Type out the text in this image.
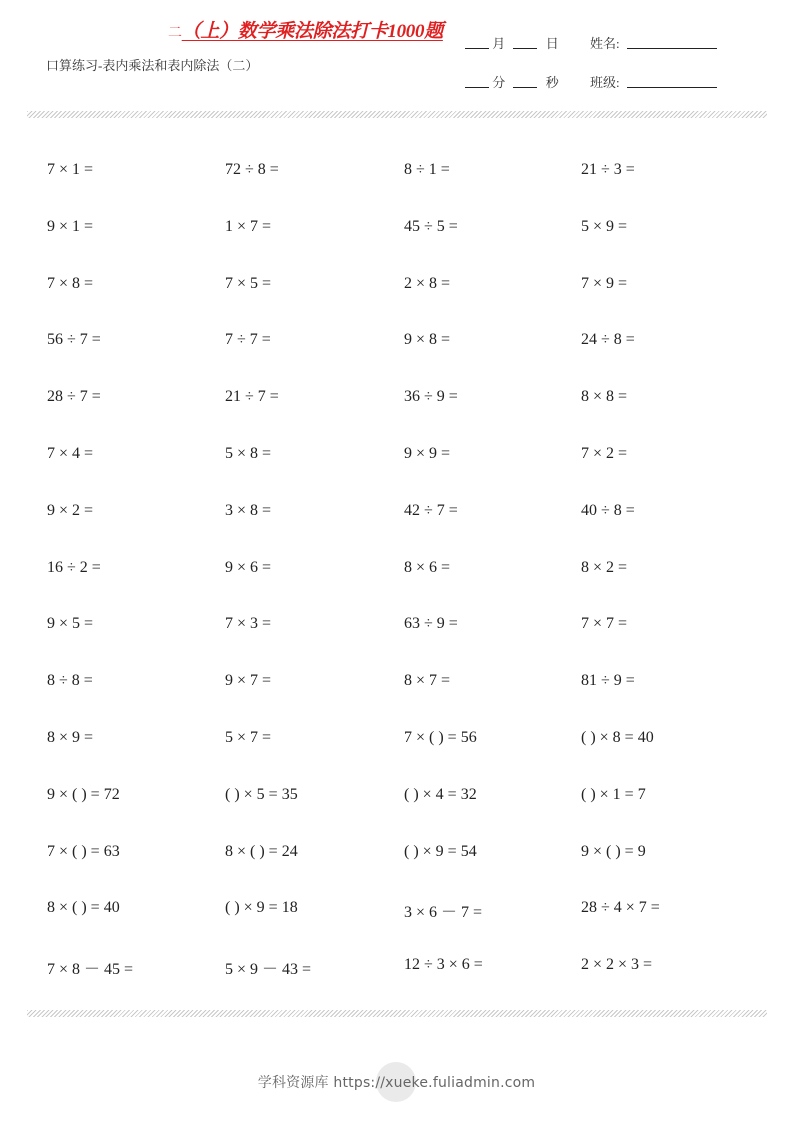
二（上）数学乘法除法打卡1000题
口算练习-表内乘法和表内除法（二）
月	日
分	秒
姓名:
班级:
7 × 1 =	72 ÷ 8 =	8 ÷ 1 =	21 ÷ 3 =
9 × 1 =	1 × 7 =	45 ÷ 5 =	5 × 9 =
7 × 8 =	7 × 5 =	2 × 8 =	7 × 9 =
56 ÷ 7 =	7 ÷ 7 =	9 × 8 =	24 ÷ 8 =
28 ÷ 7 =	21 ÷ 7 =	36 ÷ 9 =	8 × 8 =
7 × 4 =	5 × 8 =	9 × 9 =	7 × 2 =
9 × 2 =	3 × 8 =	42 ÷ 7 =	40 ÷ 8 =
16 ÷ 2 =	9 × 6 =	8 × 6 =	8 × 2 =
9 × 5 =	7 × 3 =	63 ÷ 9 =	7 × 7 =
8 ÷ 8 =	9 × 7 =	8 × 7 =	81 ÷ 9 =
8 × 9 =	5 × 7 =	7 × ( ) = 56	( ) × 8 = 40
9 × ( ) = 72	( ) × 5 = 35	( ) × 4 = 32	( ) × 1 = 7
7 × ( ) = 63	8 × ( ) = 24	( ) × 9 = 54	9 × ( ) = 9
8 × ( ) = 40	( ) × 9 = 18	3 × 6 － 7 =	28 ÷ 4 × 7 =
7 × 8 － 45 =	5 × 9 － 43 =	12 ÷ 3 × 6 =	2 × 2 × 3 =
学科资源库 https://xueke.fuliadmin.com
